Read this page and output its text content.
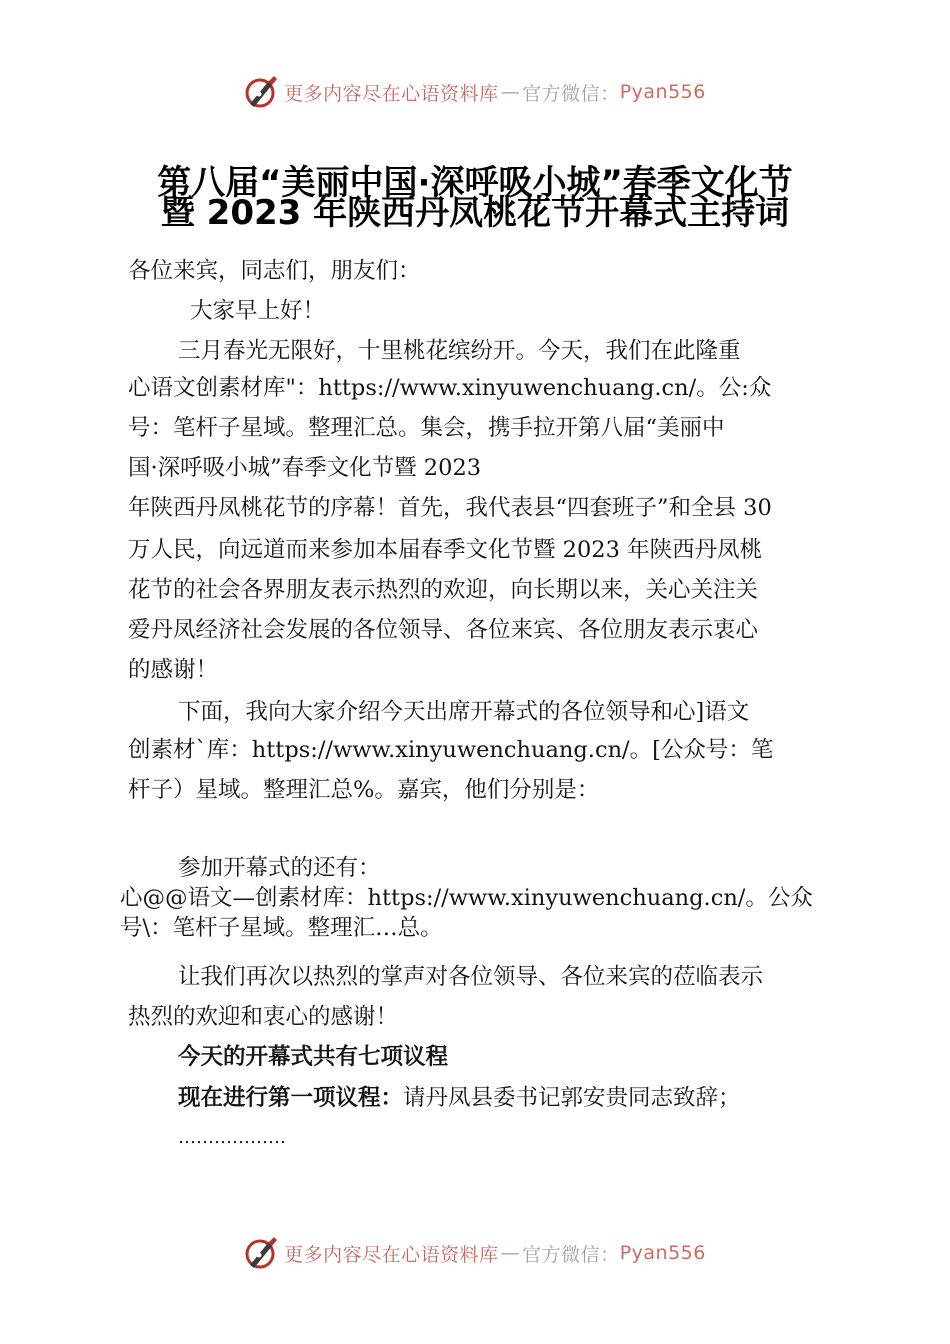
更多内容尽在心语资料库 — 官方微信： Pyan556
第八届“美丽中国·深呼吸小城”春季文化节
暨 2023 年陕西丹凤桃花节开幕式主持词
各位来宾，同志们，朋友们：
大家早上好！
三月春光无限好，十里桃花缤纷开。今天，我们在此隆重
心语文创素材库"：https://www.xinyuwenchuang.cn/。公:众
号：笔杆子星域。整理汇总。集会，携手拉开第八届“美丽中
国·深呼吸小城”春季文化节暨 2023
年陕西丹凤桃花节的序幕！首先，我代表县“四套班子”和全县 30
万人民，向远道而来参加本届春季文化节暨 2023 年陕西丹凤桃
花节的社会各界朋友表示热烈的欢迎，向长期以来，关心关注关
爱丹凤经济社会发展的各位领导、各位来宾、各位朋友表示衷心
的感谢！
下面，我向大家介绍今天出席开幕式的各位领导和心]语文
创素材`库：https://www.xinyuwenchuang.cn/。[公众号：笔
杆子）星域。整理汇总%。嘉宾，他们分别是：
参加开幕式的还有：
心@@语文—创素材库：https://www.xinyuwenchuang.cn/。公众
号\：笔杆子星域。整理汇…总。
让我们再次以热烈的掌声对各位领导、各位来宾的莅临表示
热烈的欢迎和衷心的感谢！
今天的开幕式共有七项议程
现在进行第一项议程：请丹凤县委书记郭安贵同志致辞；
………………
更多内容尽在心语资料库 — 官方微信： Pyan556
